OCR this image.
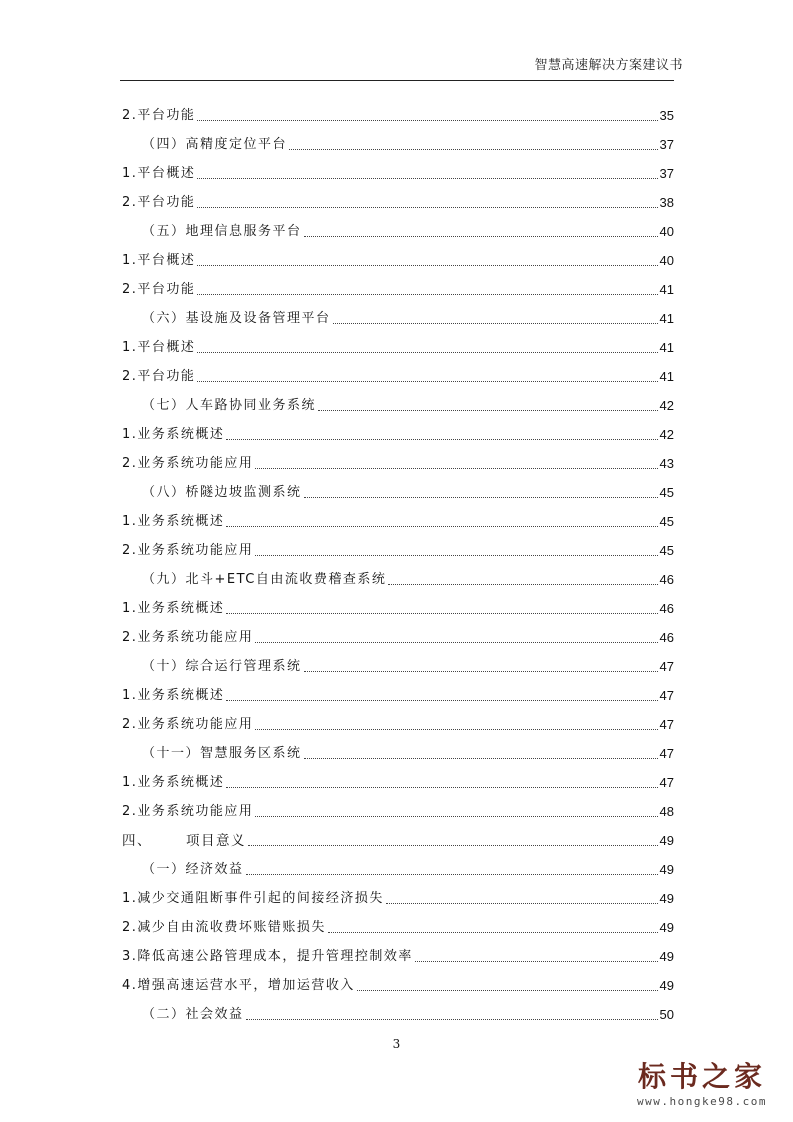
智慧高速解决方案建议书
2.平台功能	35
（四）高精度定位平台	37
1.平台概述	37
2.平台功能	38
（五）地理信息服务平台	40
1.平台概述	40
2.平台功能	41
（六）基设施及设备管理平台	41
1.平台概述	41
2.平台功能	41
（七）人车路协同业务系统	42
1.业务系统概述	42
2.业务系统功能应用	43
（八）桥隧边坡监测系统	45
1.业务系统概述	45
2.业务系统功能应用	45
（九）北斗+ETC自由流收费稽查系统	46
1.业务系统概述	46
2.业务系统功能应用	46
（十）综合运行管理系统	47
1.业务系统概述	47
2.业务系统功能应用	47
（十一）智慧服务区系统	47
1.业务系统概述	47
2.业务系统功能应用	48
四、	项目意义	49
（一）经济效益	49
1.减少交通阻断事件引起的间接经济损失	49
2.减少自由流收费坏账错账损失	49
3.降低高速公路管理成本，提升管理控制效率	49
4.增强高速运营水平，增加运营收入	49
（二）社会效益	50
3
标书之家
www.hongke98.com
